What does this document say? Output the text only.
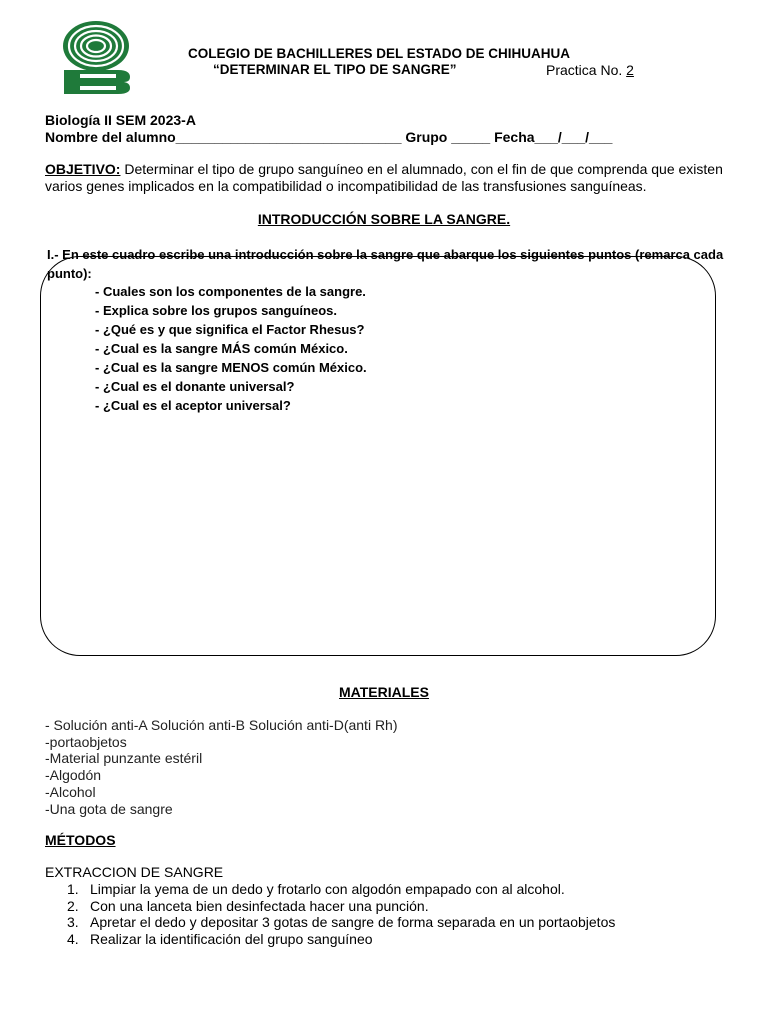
COLEGIO DE BACHILLERES DEL ESTADO DE CHIHUAHUA
“DETERMINAR EL TIPO DE SANGRE”	Practica No. 2
Biología II SEM 2023-A
Nombre del alumno_____________________________ Grupo _____ Fecha___/___/___
OBJETIVO: Determinar el tipo de grupo sanguíneo en el alumnado, con el fin de que comprenda que existen varios genes implicados en la compatibilidad o incompatibilidad de las transfusiones sanguíneas.
INTRODUCCIÓN SOBRE LA SANGRE.
I.- En este cuadro escribe una introducción sobre la sangre que abarque los siguientes puntos (remarca cada punto):
- Cuales son los componentes de la sangre.
- Explica sobre los grupos sanguíneos.
- ¿Qué es y que significa el Factor Rhesus?
- ¿Cual es la sangre MÁS común México.
- ¿Cual es la sangre MENOS común México.
- ¿Cual es el donante universal?
- ¿Cual es el aceptor universal?
MATERIALES
- Solución anti-A Solución anti-B Solución anti-D(anti Rh)
-portaobjetos
-Material punzante estéril
-Algodón
-Alcohol
-Una gota de sangre
MÉTODOS
EXTRACCION DE SANGRE
1. Limpiar la yema de un dedo y frotarlo con algodón empapado con al alcohol.
2. Con una lanceta bien desinfectada hacer una punción.
3. Apretar el dedo y depositar 3 gotas de sangre de forma separada en un portaobjetos
4. Realizar la identificación del grupo sanguíneo
